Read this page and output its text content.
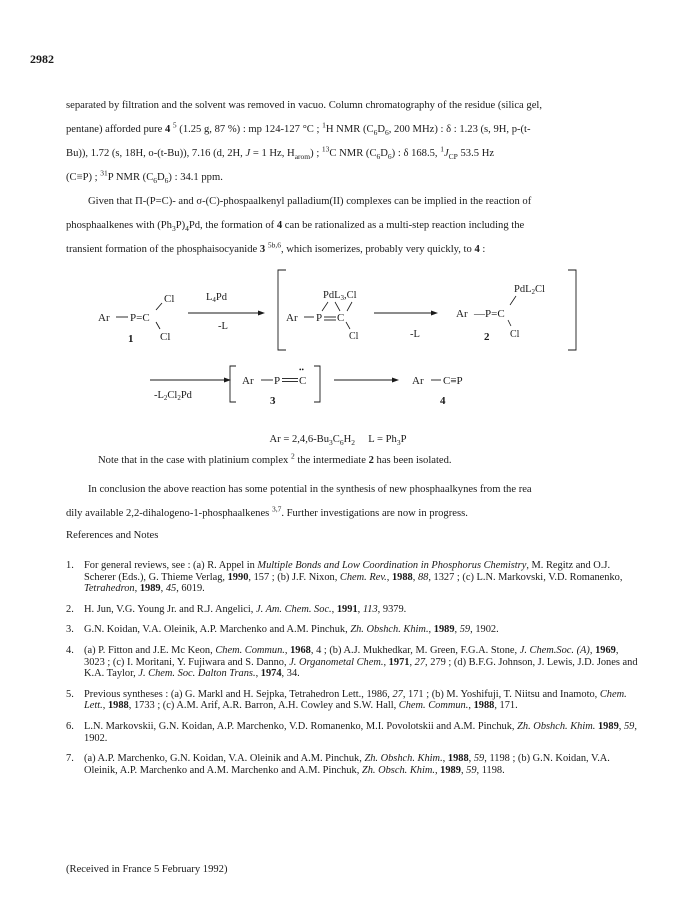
2982

separated by filtration and the solvent was removed in vacuo. Column chromatography of the residue (silica gel,

pentane) afforded pure 4 $^5$ (1.25 g, 87 %) : mp 124-127 °C ; $^1$H NMR ($C_6D_6$, 200 MHz) : δ : 1.23 (s, 9H, p-(t-

Bu)), 1.72 (s, 18H, o-(t-Bu)), 7.16 (d, 2H, J = 1 Hz, $H_{arom}$) ; $^{13}$C NMR $(C_6D_6)$ : δ 168.5, $^1J_{CP}$ 53.5 Hz

(C≡P) ; $^{31}$P NMR $(C_6D_6)$ : 34.1 ppm.

Given that Π-(P=C)- and σ-(C)-phospaalkenyl palladium(II) complexes can be implied in the reaction of

phosphaalkenes with $(Ph_3P)_4Pd$, the formation of 4 can be rationalized as a multi-step reaction including the

transient formation of the phosphaisocyanide 3 $^{5b,6}$, which isomerizes, probably very quickly, to 4 :

Ar P=C
Cl
Cl
1
L4Pd
-L
Ar P C
PdL3,Cl
Cl	-L
Ar —P=C
PdL2Cl
Cl
2
-L2Cl2Pd
Ar P C
••
3
Ar C≡P
4
$Ar = 2,4,6-Bu_3C_6H_2$     $L = Ph_3P$
Note that in the case with platinium complex $^2$ the intermediate 2 has been isolated.

In conclusion the above reaction has some potential in the synthesis of new phosphaalkynes from the rea

dily available 2,2-dihalogeno-1-phosphaalkenes $^{3,7}$. Further investigations are now in progress.

References and Notes
1. For general reviews, see : (a) R. Appel in Multiple Bonds and Low Coordination in Phosphorus Chemistry, M. Regitz and O.J. Scherer (Eds.), G. Thieme Verlag, 1990, 157 ; (b) J.F. Nixon, Chem. Rev., 1988, 88, 1327 ; (c) L.N. Markovski, V.D. Romanenko, Tetrahedron, 1989, 45, 6019.
2. H. Jun, V.G. Young Jr. and R.J. Angelici, J. Am. Chem. Soc., 1991, 113, 9379.
3. G.N. Koidan, V.A. Oleinik, A.P. Marchenko and A.M. Pinchuk, Zh. Obshch. Khim., 1989, 59, 1902.
4. (a) P. Fitton and J.E. Mc Keon, Chem. Commun., 1968, 4 ; (b) A.J. Mukhedkar, M. Green, F.G.A. Stone, J. Chem.Soc. (A), 1969, 3023 ; (c) I. Moritani, Y. Fujiwara and S. Danno, J. Organometal Chem., 1971, 27, 279 ; (d) B.F.G. Johnson, J. Lewis, J.D. Jones and K.A. Taylor, J. Chem. Soc. Dalton Trans., 1974, 34.
5. Previous syntheses : (a) G. Markl and H. Sejpka, Tetrahedron Lett., 1986, 27, 171 ; (b) M. Yoshifuji, T. Niitsu and Inamoto, Chem. Lett., 1988, 1733 ; (c) A.M. Arif, A.R. Barron, A.H. Cowley and S.W. Hall, Chem. Commun., 1988, 171.
6. L.N. Markovskii, G.N. Koidan, A.P. Marchenko, V.D. Romanenko, M.I. Povolotskii and A.M. Pinchuk, Zh. Obshch. Khim. 1989, 59, 1902.
7. (a) A.P. Marchenko, G.N. Koidan, V.A. Oleinik and A.M. Pinchuk, Zh. Obshch. Khim., 1988, 59, 1198 ; (b) G.N. Koidan, V.A. Oleinik, A.P. Marchenko and A.M. Marchenko and A.M. Pinchuk, Zh. Obsch. Khim., 1989, 59, 1198.
(Received in France 5 February 1992)
